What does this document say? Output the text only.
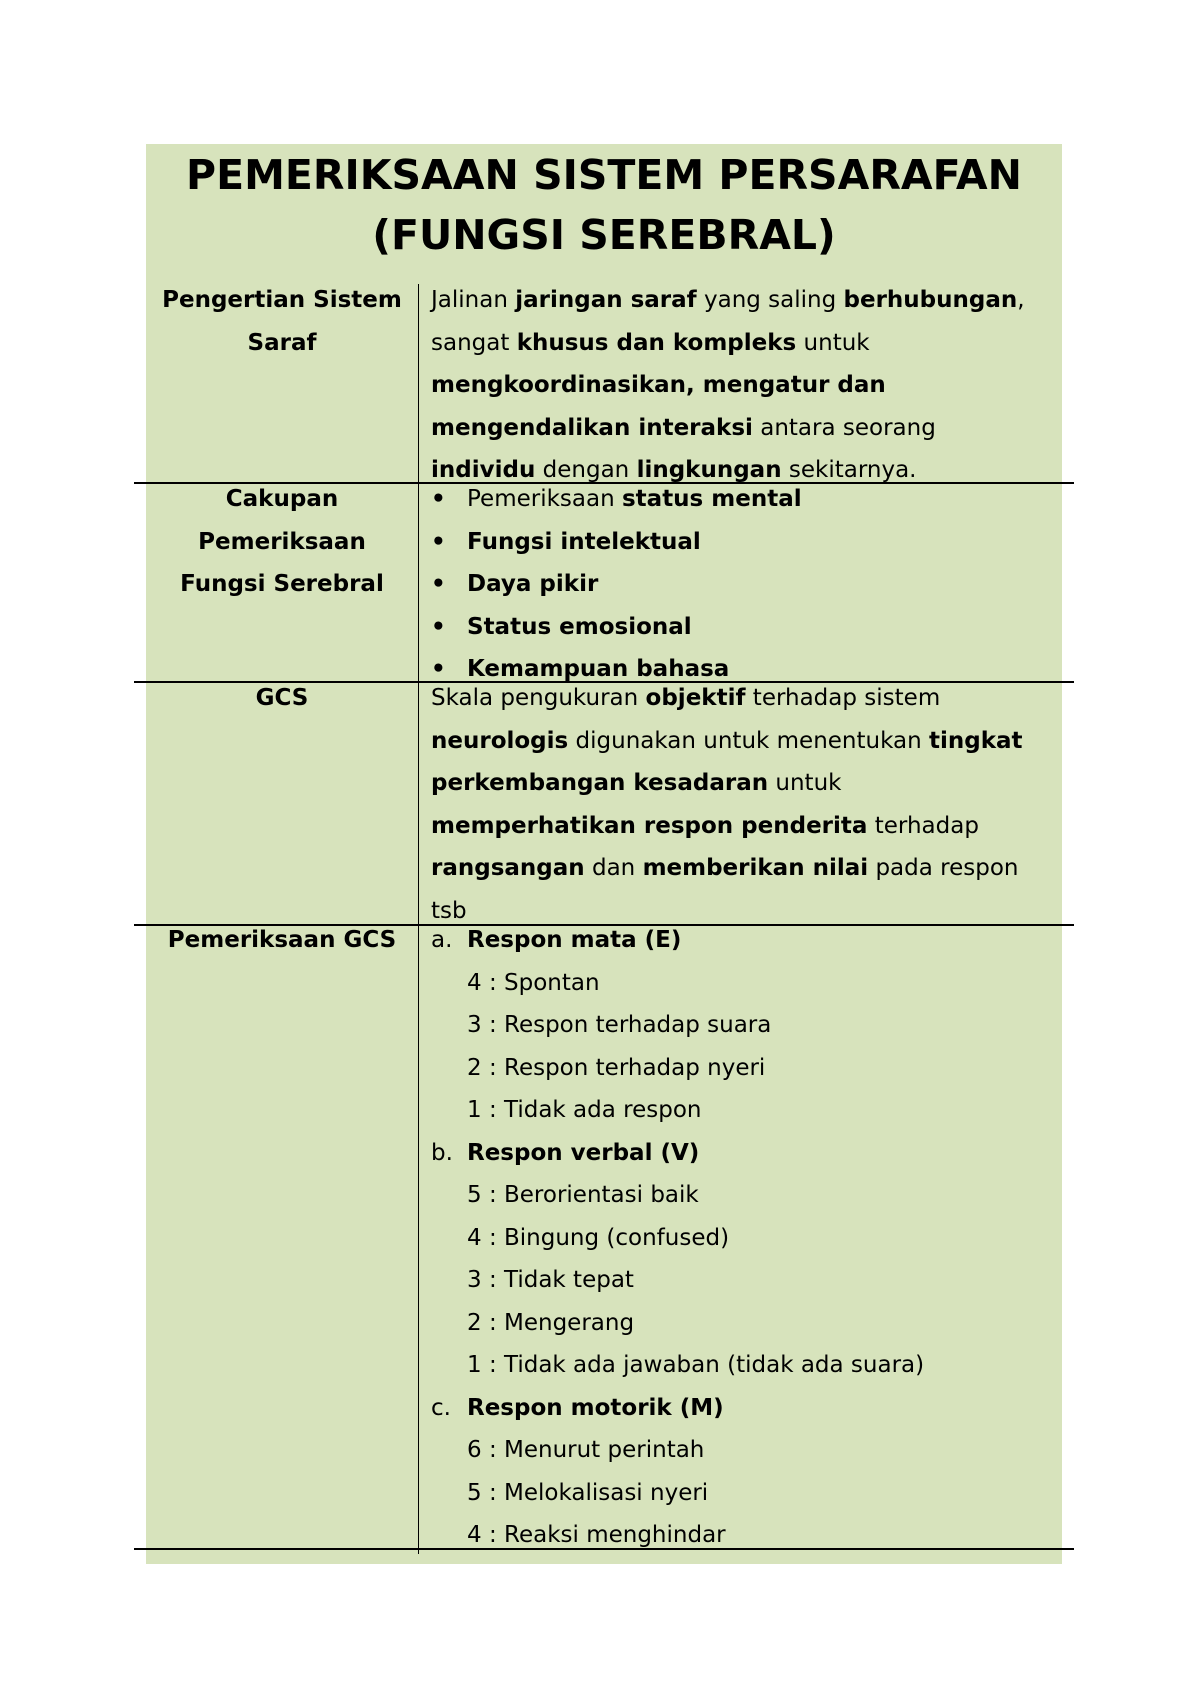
PEMERIKSAAN SISTEM PERSARAFAN
(FUNGSI SEREBRAL)
Pengertian Sistem
Saraf
Jalinan jaringan saraf yang saling berhubungan,
sangat khusus dan kompleks untuk
mengkoordinasikan, mengatur dan
mengendalikan interaksi antara seorang
individu dengan lingkungan sekitarnya.
Cakupan
Pemeriksaan
Fungsi Serebral
• Pemeriksaan status mental
• Fungsi intelektual
• Daya pikir
• Status emosional
• Kemampuan bahasa
GCS	Skala pengukuran objektif terhadap sistem
neurologis digunakan untuk menentukan tingkat
perkembangan kesadaran untuk
memperhatikan respon penderita terhadap
rangsangan dan memberikan nilai pada respon
tsb
Pemeriksaan GCS	a. Respon mata (E)
4 : Spontan
3 : Respon terhadap suara
2 : Respon terhadap nyeri
1 : Tidak ada respon
b. Respon verbal (V)
5 : Berorientasi baik
4 : Bingung (confused)
3 : Tidak tepat
2 : Mengerang
1 : Tidak ada jawaban (tidak ada suara)
c. Respon motorik (M)
6 : Menurut perintah
5 : Melokalisasi nyeri
4 : Reaksi menghindar
